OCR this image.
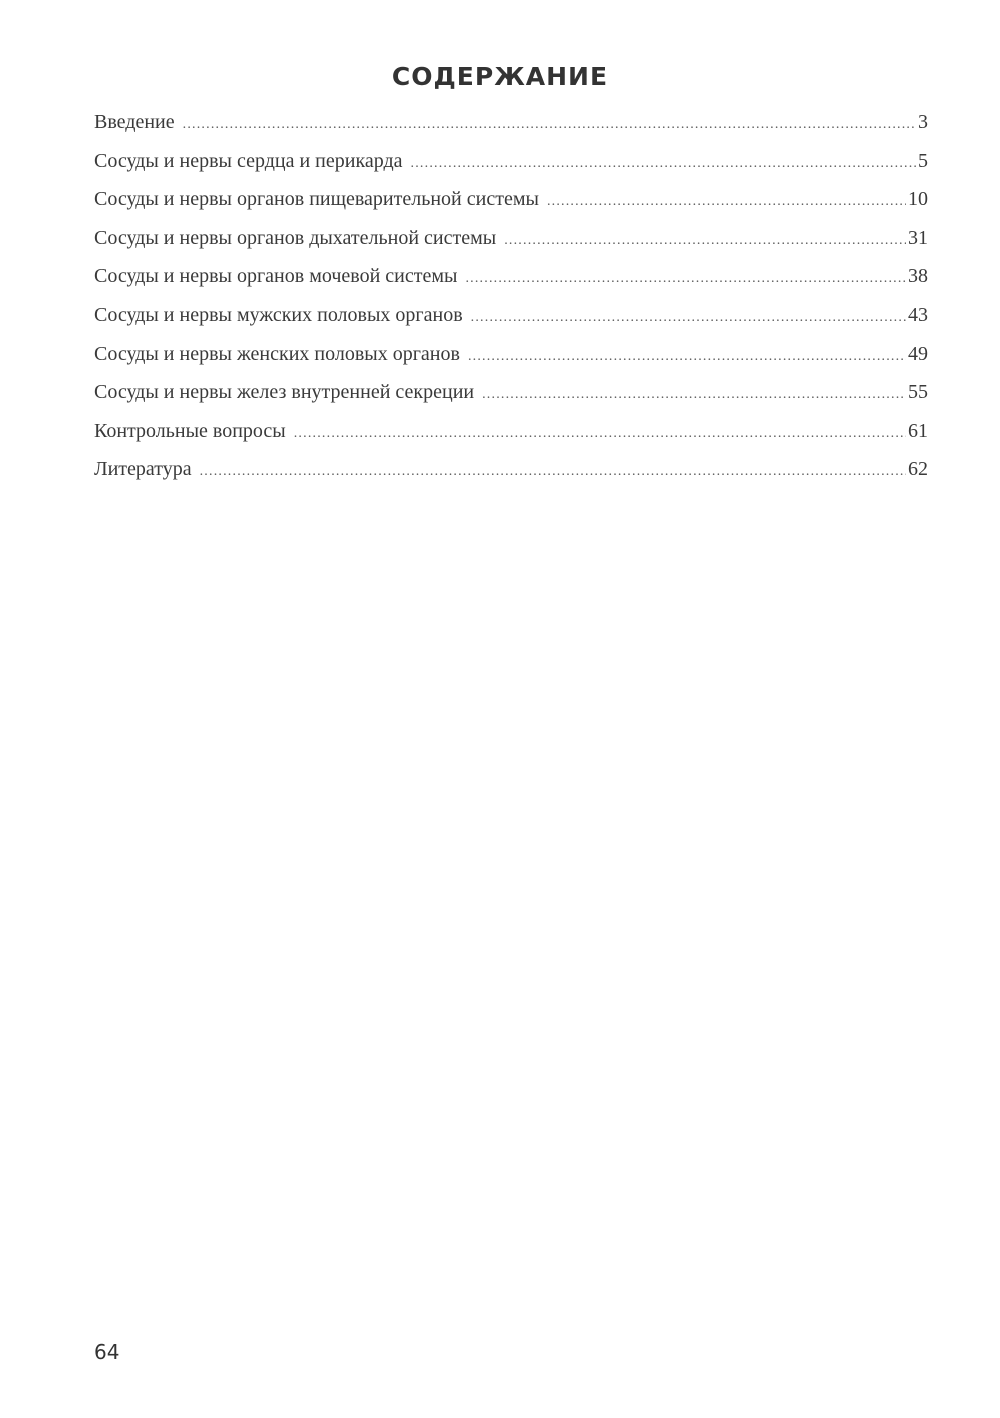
СОДЕРЖАНИЕ
Введение .....	3
Сосуды и нервы сердца и перикарда .....	5
Сосуды и нервы органов пищеварительной системы .....	10
Сосуды и нервы органов дыхательной системы .....	31
Сосуды и нервы органов мочевой системы .....	38
Сосуды и нервы мужских половых органов .....	43
Сосуды и нервы женских половых органов .....	49
Сосуды и нервы желез внутренней секреции .....	55
Контрольные вопросы .....	61
Литература .....	62
64
